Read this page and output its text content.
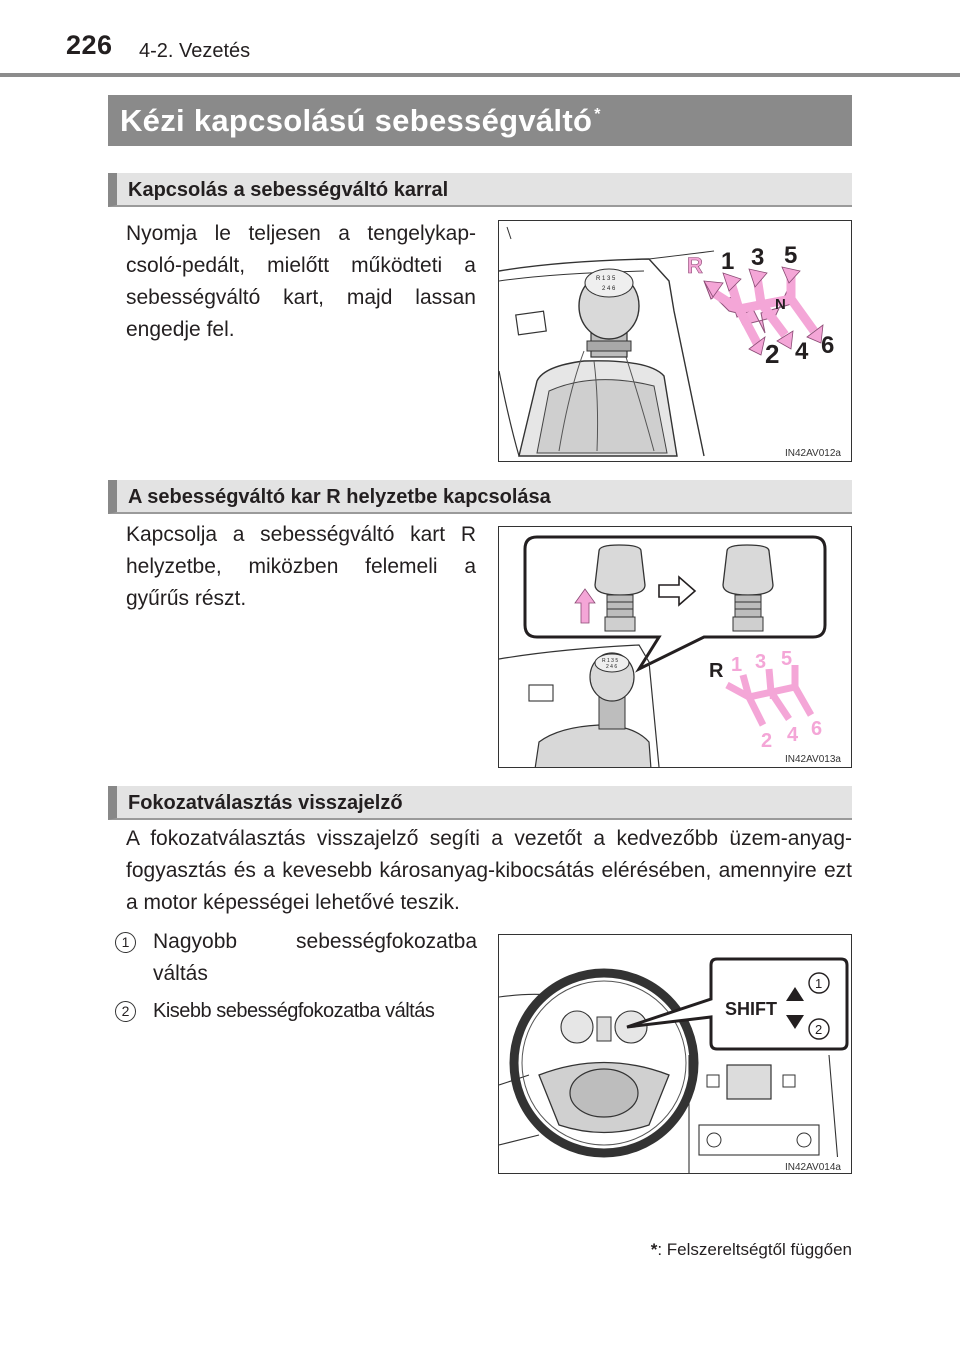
226 4-2. Vezetés
Kézi kapcsolású sebességváltó *
Kapcsolás a sebességváltó karral
Nyomja le teljesen a tengelykap-csoló-pedált, mielőtt működteti a sebességváltó kart, majd lassan engedje fel.
R 1 3 5
2 4 6
R 1 3 5
N
2 4 6
IN42AV012a
A sebességváltó kar R helyzetbe kapcsolása
Kapcsolja a sebességváltó kart R helyzetbe, miközben felemeli a gyűrűs részt.
R 1 3 5
2 4 6	R 1 3 5
N
2 4 6
IN42AV013a
Fokozatválasztás visszajelző
A fokozatválasztás visszajelző segíti a vezetőt a kedvezőbb üzem-anyag-fogyasztás és a kevesebb károsanyag-kibocsátás elérésében, amennyire ezt a motor képességei lehetővé teszik.
1	Nagyobb sebességfokozatba váltás
2	Kisebb sebességfokozatba váltás	SHIFT
1
2
IN42AV014a
*: Felszereltségtől függően
